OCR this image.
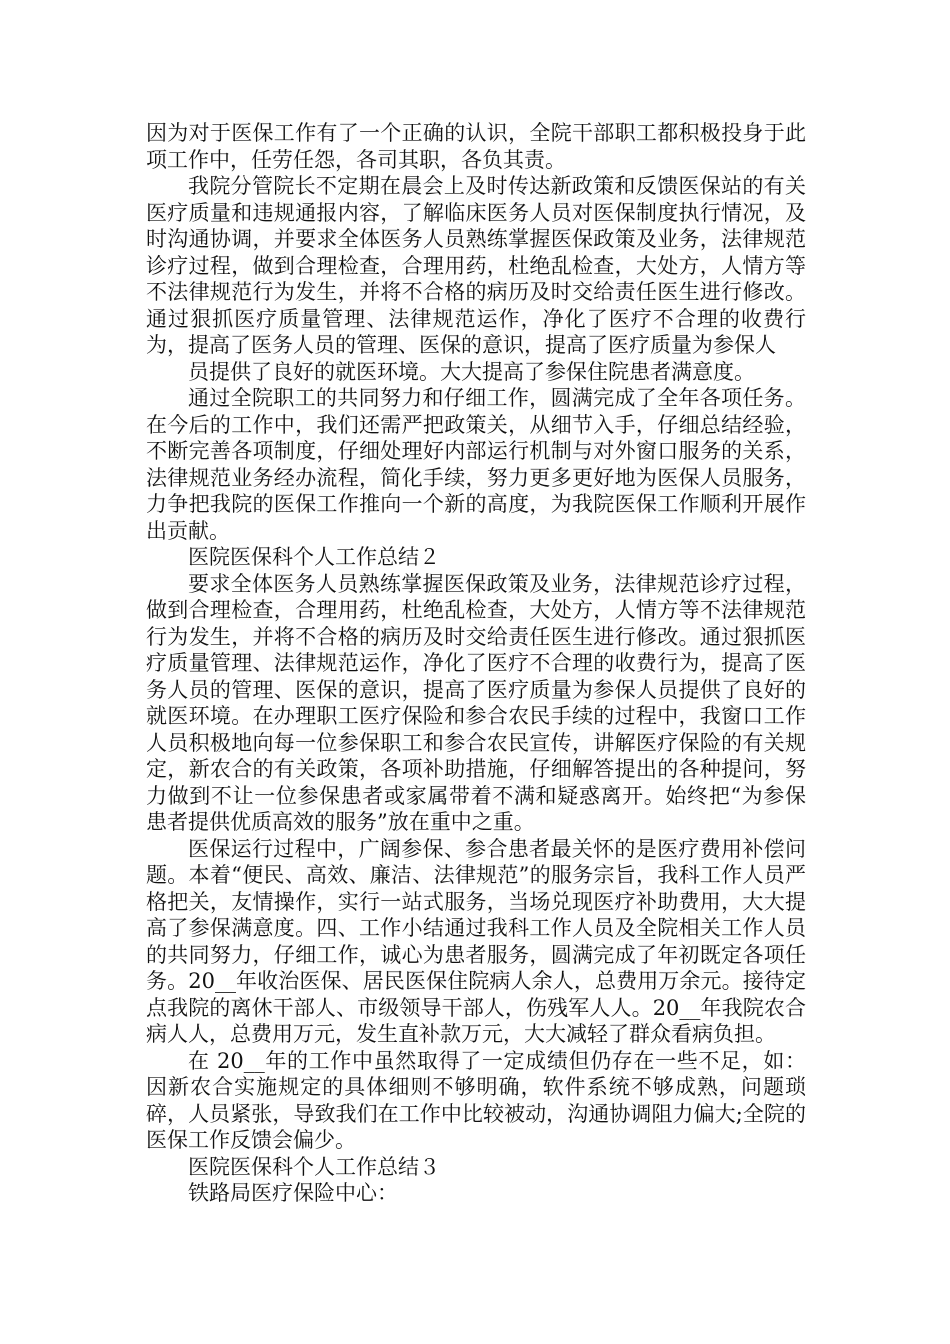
因为对于医保工作有了一个正确的认识，全院干部职工都积极投身于此项工作中，任劳任怨，各司其职，各负其责。

我院分管院长不定期在晨会上及时传达新政策和反馈医保站的有关医疗质量和违规通报内容，了解临床医务人员对医保制度执行情况，及时沟通协调，并要求全体医务人员熟练掌握医保政策及业务，法律规范诊疗过程，做到合理检查，合理用药，杜绝乱检查，大处方，人情方等不法律规范行为发生，并将不合格的病历及时交给责任医生进行修改。通过狠抓医疗质量管理、法律规范运作，净化了医疗不合理的收费行为，提高了医务人员的管理、医保的意识，提高了医疗质量为参保人

员提供了良好的就医环境。大大提高了参保住院患者满意度。

通过全院职工的共同努力和仔细工作，圆满完成了全年各项任务。在今后的工作中，我们还需严把政策关，从细节入手，仔细总结经验，不断完善各项制度，仔细处理好内部运行机制与对外窗口服务的关系，法律规范业务经办流程，简化手续，努力更多更好地为医保人员服务，力争把我院的医保工作推向一个新的高度，为我院医保工作顺利开展作出贡献。

医院医保科个人工作总结２

要求全体医务人员熟练掌握医保政策及业务，法律规范诊疗过程，做到合理检查，合理用药，杜绝乱检查，大处方，人情方等不法律规范行为发生，并将不合格的病历及时交给责任医生进行修改。通过狠抓医疗质量管理、法律规范运作，净化了医疗不合理的收费行为，提高了医务人员的管理、医保的意识，提高了医疗质量为参保人员提供了良好的就医环境。在办理职工医疗保险和参合农民手续的过程中，我窗口工作人员积极地向每一位参保职工和参合农民宣传，讲解医疗保险的有关规定，新农合的有关政策，各项补助措施，仔细解答提出的各种提问，努力做到不让一位参保患者或家属带着不满和疑惑离开。始终把“为参保患者提供优质高效的服务”放在重中之重。

医保运行过程中，广阔参保、参合患者最关怀的是医疗费用补偿问题。本着“便民、高效、廉洁、法律规范”的服务宗旨，我科工作人员严格把关，友情操作，实行一站式服务，当场兑现医疗补助费用，大大提高了参保满意度。四、工作小结通过我科工作人员及全院相关工作人员的共同努力，仔细工作，诚心为患者服务，圆满完成了年初既定各项任务。20__年收治医保、居民医保住院病人余人，总费用万余元。接待定点我院的离休干部人、市级领导干部人，伤残军人人。20__年我院农合病人人，总费用万元，发生直补款万元，大大减轻了群众看病负担。

在 20__年的工作中虽然取得了一定成绩但仍存在一些不足，如：因新农合实施规定的具体细则不够明确，软件系统不够成熟，问题琐碎，人员紧张，导致我们在工作中比较被动，沟通协调阻力偏大;全院的医保工作反馈会偏少。

医院医保科个人工作总结３

铁路局医疗保险中心：
